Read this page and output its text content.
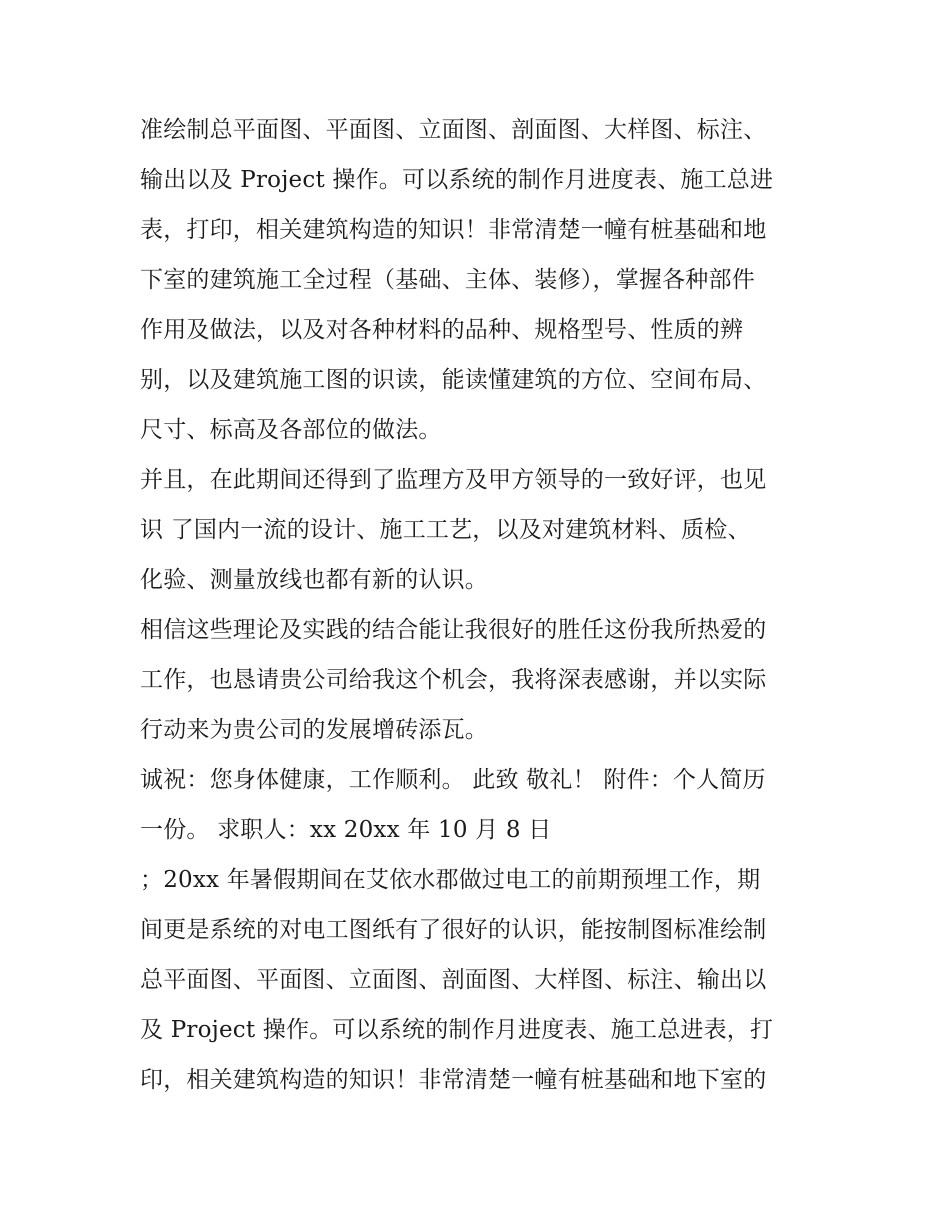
准绘制总平面图、平面图、立面图、剖面图、大样图、标注、
输出以及 Project 操作。可以系统的制作月进度表、施工总进
表，打印，相关建筑构造的知识！非常清楚一幢有桩基础和地
下室的建筑施工全过程（基础、主体、装修），掌握各种部件
作用及做法，以及对各种材料的品种、规格型号、性质的辨
别，以及建筑施工图的识读，能读懂建筑的方位、空间布局、
尺寸、标高及各部位的做法。
并且，在此期间还得到了监理方及甲方领导的一致好评，也见
识 了国内一流的设计、施工工艺，以及对建筑材料、质检、
化验、测量放线也都有新的认识。
相信这些理论及实践的结合能让我很好的胜任这份我所热爱的
工作，也恳请贵公司给我这个机会，我将深表感谢，并以实际
行动来为贵公司的发展增砖添瓦。
诚祝：您身体健康，工作顺利。 此致 敬礼！ 附件：个人简历
一份。 求职人：xx 20xx 年 10 月 8 日
；20xx 年暑假期间在艾依水郡做过电工的前期预埋工作，期
间更是系统的对电工图纸有了很好的认识，能按制图标准绘制
总平面图、平面图、立面图、剖面图、大样图、标注、输出以
及 Project 操作。可以系统的制作月进度表、施工总进表，打
印，相关建筑构造的知识！非常清楚一幢有桩基础和地下室的
